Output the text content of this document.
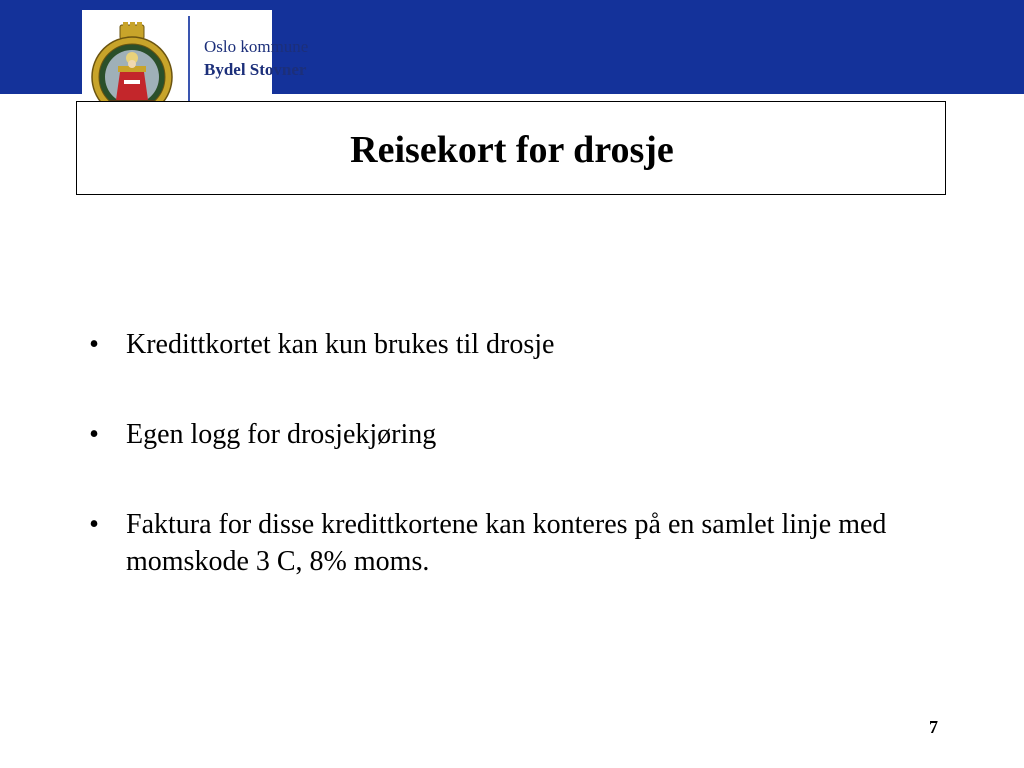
Oslo kommune
Bydel Stovner
Reisekort for drosje
• Kredittkortet kan kun brukes til drosje
• Egen logg for drosjekjøring
• Faktura for disse kredittkortene kan konteres på en samlet linje med momskode 3 C, 8% moms.
7
